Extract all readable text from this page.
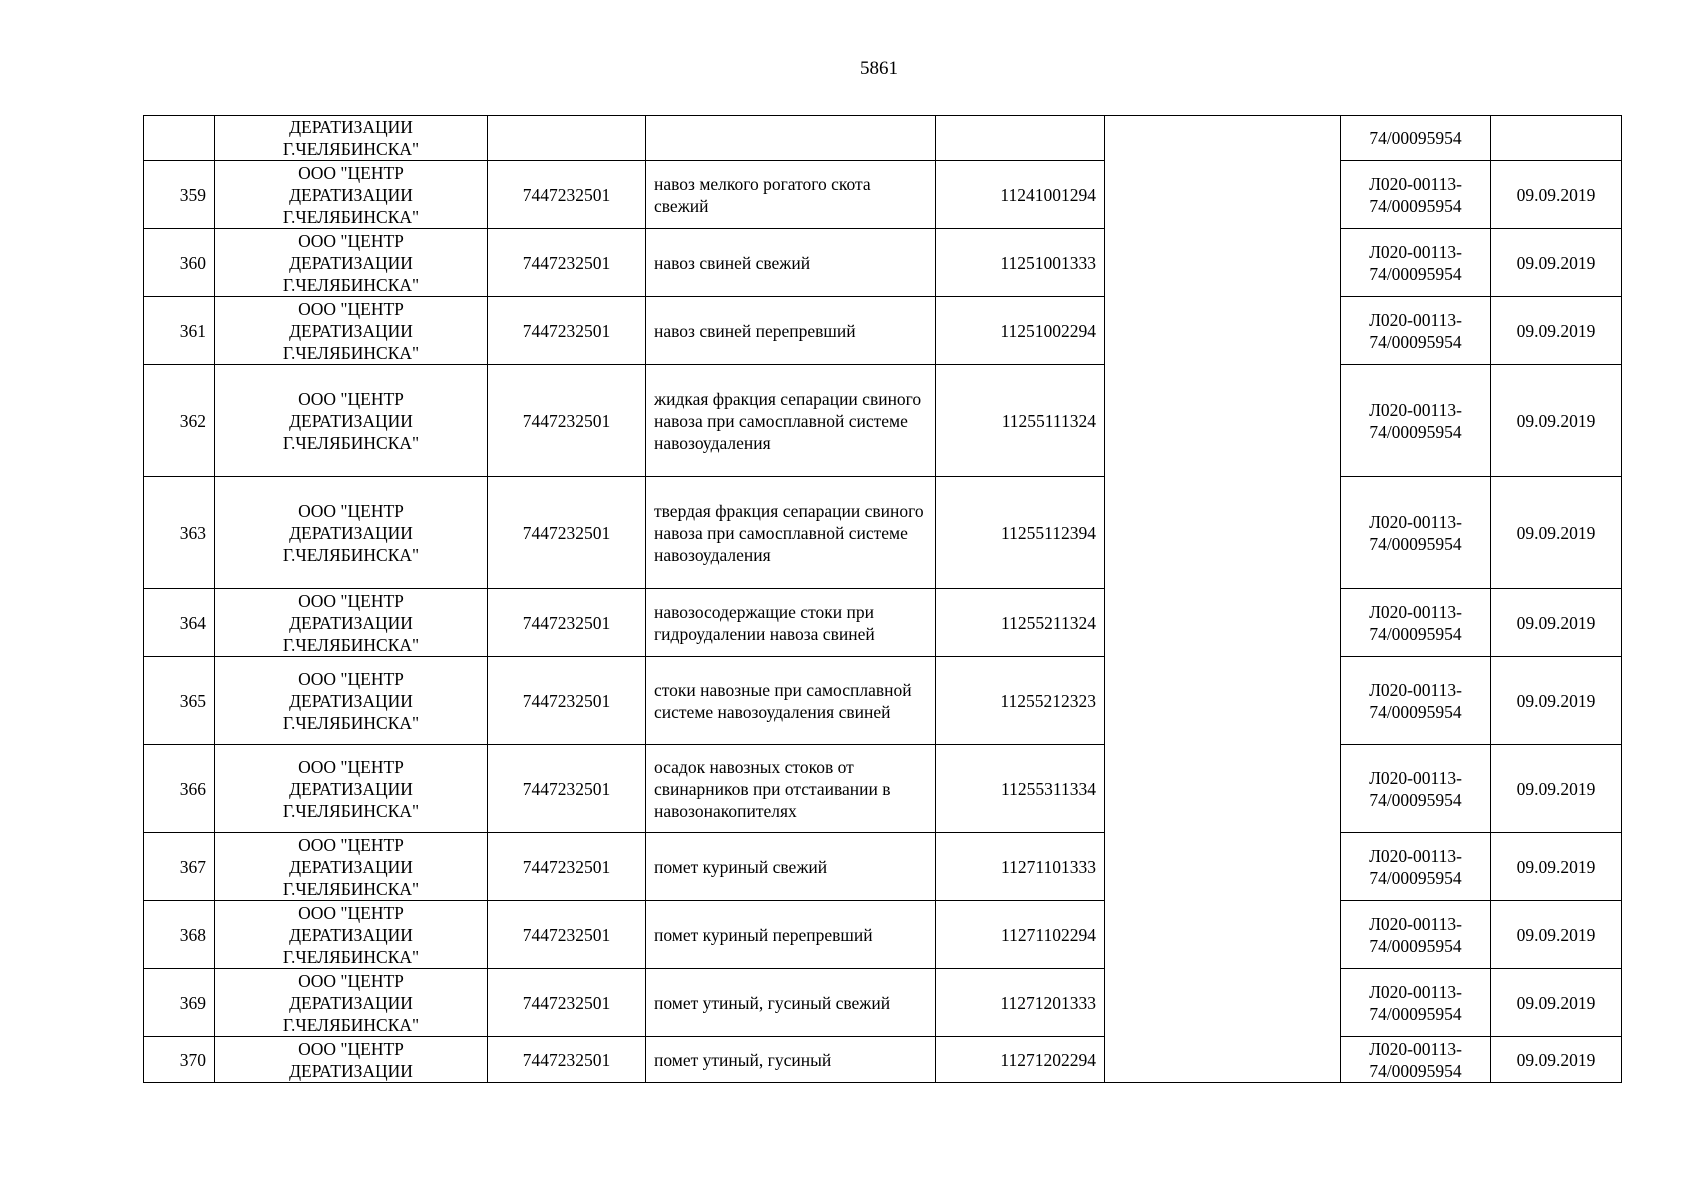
5861

	ДЕРАТИЗАЦИИ
Г.ЧЕЛЯБИНСКА"					74/00095954	
359	ООО "ЦЕНТР
ДЕРАТИЗАЦИИ
Г.ЧЕЛЯБИНСКА"	7447232501	навоз мелкого рогатого скота свежий	11241001294		Л020-00113-
74/00095954	09.09.2019
360	ООО "ЦЕНТР
ДЕРАТИЗАЦИИ
Г.ЧЕЛЯБИНСКА"	7447232501	навоз свиней свежий	11251001333		Л020-00113-
74/00095954	09.09.2019
361	ООО "ЦЕНТР
ДЕРАТИЗАЦИИ
Г.ЧЕЛЯБИНСКА"	7447232501	навоз свиней перепревший	11251002294		Л020-00113-
74/00095954	09.09.2019
362	ООО "ЦЕНТР
ДЕРАТИЗАЦИИ
Г.ЧЕЛЯБИНСКА"	7447232501	жидкая фракция сепарации свиного навоза при самосплавной системе навозоудаления	11255111324		Л020-00113-
74/00095954	09.09.2019
363	ООО "ЦЕНТР
ДЕРАТИЗАЦИИ
Г.ЧЕЛЯБИНСКА"	7447232501	твердая фракция сепарации свиного навоза при самосплавной системе навозоудаления	11255112394		Л020-00113-
74/00095954	09.09.2019
364	ООО "ЦЕНТР
ДЕРАТИЗАЦИИ
Г.ЧЕЛЯБИНСКА"	7447232501	навозосодержащие стоки при гидроудалении навоза свиней	11255211324		Л020-00113-
74/00095954	09.09.2019
365	ООО "ЦЕНТР
ДЕРАТИЗАЦИИ
Г.ЧЕЛЯБИНСКА"	7447232501	стоки навозные при самосплавной системе навозоудаления свиней	11255212323		Л020-00113-
74/00095954	09.09.2019
366	ООО "ЦЕНТР
ДЕРАТИЗАЦИИ
Г.ЧЕЛЯБИНСКА"	7447232501	осадок навозных стоков от свинарников при отстаивании в навозонакопителях	11255311334		Л020-00113-
74/00095954	09.09.2019
367	ООО "ЦЕНТР
ДЕРАТИЗАЦИИ
Г.ЧЕЛЯБИНСКА"	7447232501	помет куриный свежий	11271101333		Л020-00113-
74/00095954	09.09.2019
368	ООО "ЦЕНТР
ДЕРАТИЗАЦИИ
Г.ЧЕЛЯБИНСКА"	7447232501	помет куриный перепревший	11271102294		Л020-00113-
74/00095954	09.09.2019
369	ООО "ЦЕНТР
ДЕРАТИЗАЦИИ
Г.ЧЕЛЯБИНСКА"	7447232501	помет утиный, гусиный свежий	11271201333		Л020-00113-
74/00095954	09.09.2019
370	ООО "ЦЕНТР
ДЕРАТИЗАЦИИ	7447232501	помет утиный, гусиный	11271202294		Л020-00113-
74/00095954	09.09.2019
